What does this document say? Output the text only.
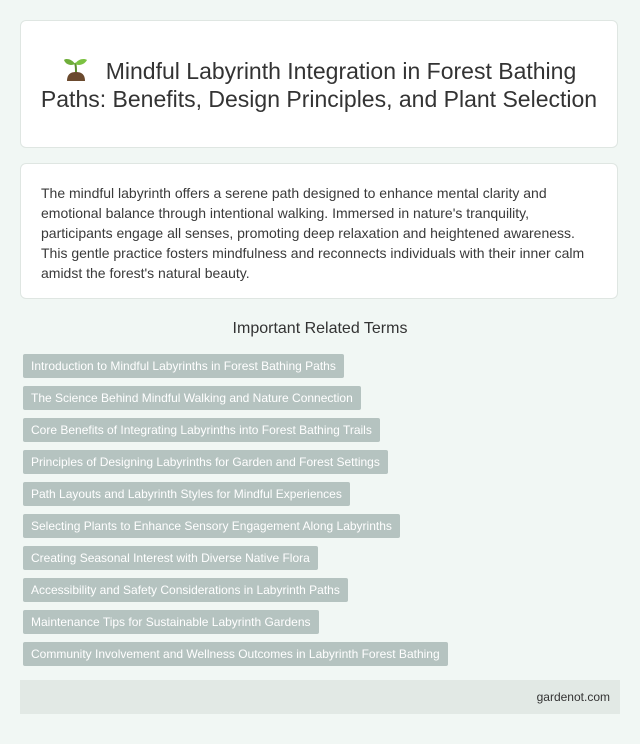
Mindful Labyrinth Integration in Forest Bathing Paths: Benefits, Design Principles, and Plant Selection

The mindful labyrinth offers a serene path designed to enhance mental clarity and emotional balance through intentional walking. Immersed in nature's tranquility, participants engage all senses, promoting deep relaxation and heightened awareness. This gentle practice fosters mindfulness and reconnects individuals with their inner calm amidst the forest's natural beauty.

Important Related Terms
Introduction to Mindful Labyrinths in Forest Bathing Paths
The Science Behind Mindful Walking and Nature Connection
Core Benefits of Integrating Labyrinths into Forest Bathing Trails
Principles of Designing Labyrinths for Garden and Forest Settings
Path Layouts and Labyrinth Styles for Mindful Experiences
Selecting Plants to Enhance Sensory Engagement Along Labyrinths
Creating Seasonal Interest with Diverse Native Flora
Accessibility and Safety Considerations in Labyrinth Paths
Maintenance Tips for Sustainable Labyrinth Gardens
Community Involvement and Wellness Outcomes in Labyrinth Forest Bathing
gardenot.com
